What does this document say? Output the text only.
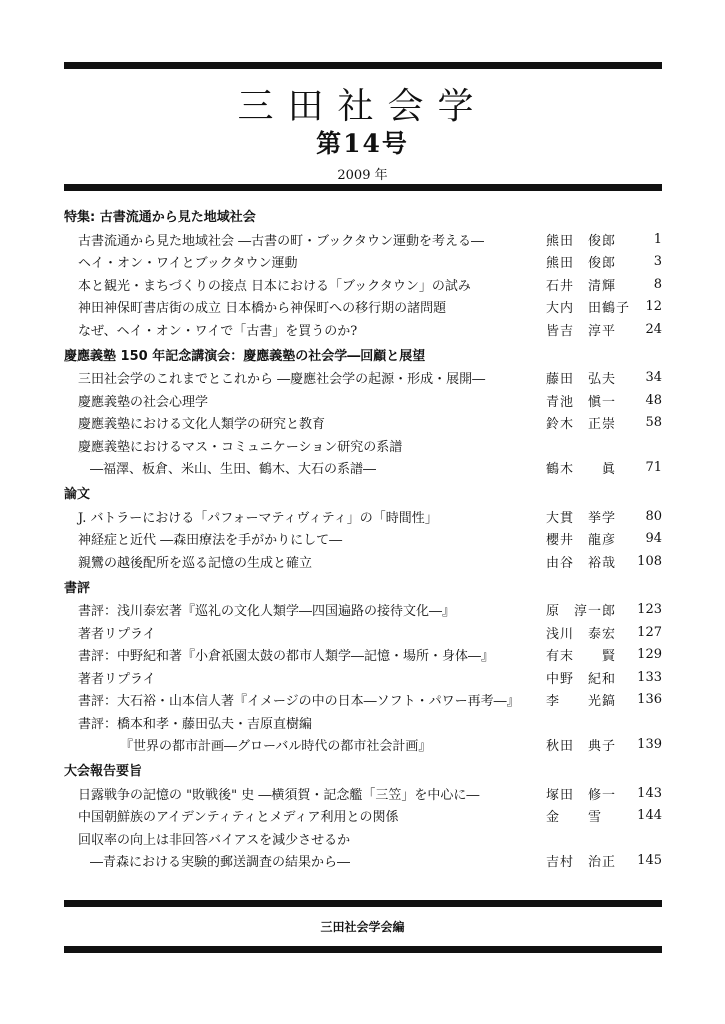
三田社会学
第14号
2009 年
特集: 古書流通から見た地域社会
古書流通から見た地域社会 ―古書の町・ブックタウン運動を考える―	熊田　俊郎	1
ヘイ・オン・ワイとブックタウン運動	熊田　俊郎	3
本と観光・まちづくりの接点 日本における「ブックタウン」の試み	石井　清輝	8
神田神保町書店街の成立 日本橋から神保町への移行期の諸問題	大内　田鶴子	12
なぜ、ヘイ・オン・ワイで「古書」を買うのか?	皆吉　淳平	24
慶應義塾 150 年記念講演会：慶應義塾の社会学―回顧と展望
三田社会学のこれまでとこれから ―慶應社会学の起源・形成・展開―	藤田　弘夫	34
慶應義塾の社会心理学	青池　愼一	48
慶應義塾における文化人類学の研究と教育	鈴木　正崇	58
慶應義塾におけるマス・コミュニケーション研究の系譜
―福澤、板倉、米山、生田、鶴木、大石の系譜―	鶴木　　眞	71
論文
J. バトラーにおける「パフォーマティヴィティ」の「時間性」	大貫　挙学	80
神経症と近代 ―森田療法を手がかりにして―	櫻井　龍彦	94
親鸞の越後配所を巡る記憶の生成と確立	由谷　裕哉	108
書評
書評：浅川泰宏著『巡礼の文化人類学―四国遍路の接待文化―』	原　淳一郎	123
著者リプライ	浅川　泰宏	127
書評：中野紀和著『小倉祇園太鼓の都市人類学―記憶・場所・身体―』	有末　　賢	129
著者リプライ	中野　紀和	133
書評：大石裕・山本信人著『イメージの中の日本―ソフト・パワー再考―』	李　　光鎬	136
書評：橋本和孝・藤田弘夫・吉原直樹編
『世界の都市計画―グローバル時代の都市社会計画』	秋田　典子	139
大会報告要旨
日露戦争の記憶の "敗戦後" 史 ―横須賀・記念艦「三笠」を中心に―	塚田　修一	143
中国朝鮮族のアイデンティティとメディア利用との関係	金　　雪	144
回収率の向上は非回答バイアスを減少させるか
―青森における実験的郵送調査の結果から―	吉村　治正	145
三田社会学会編
